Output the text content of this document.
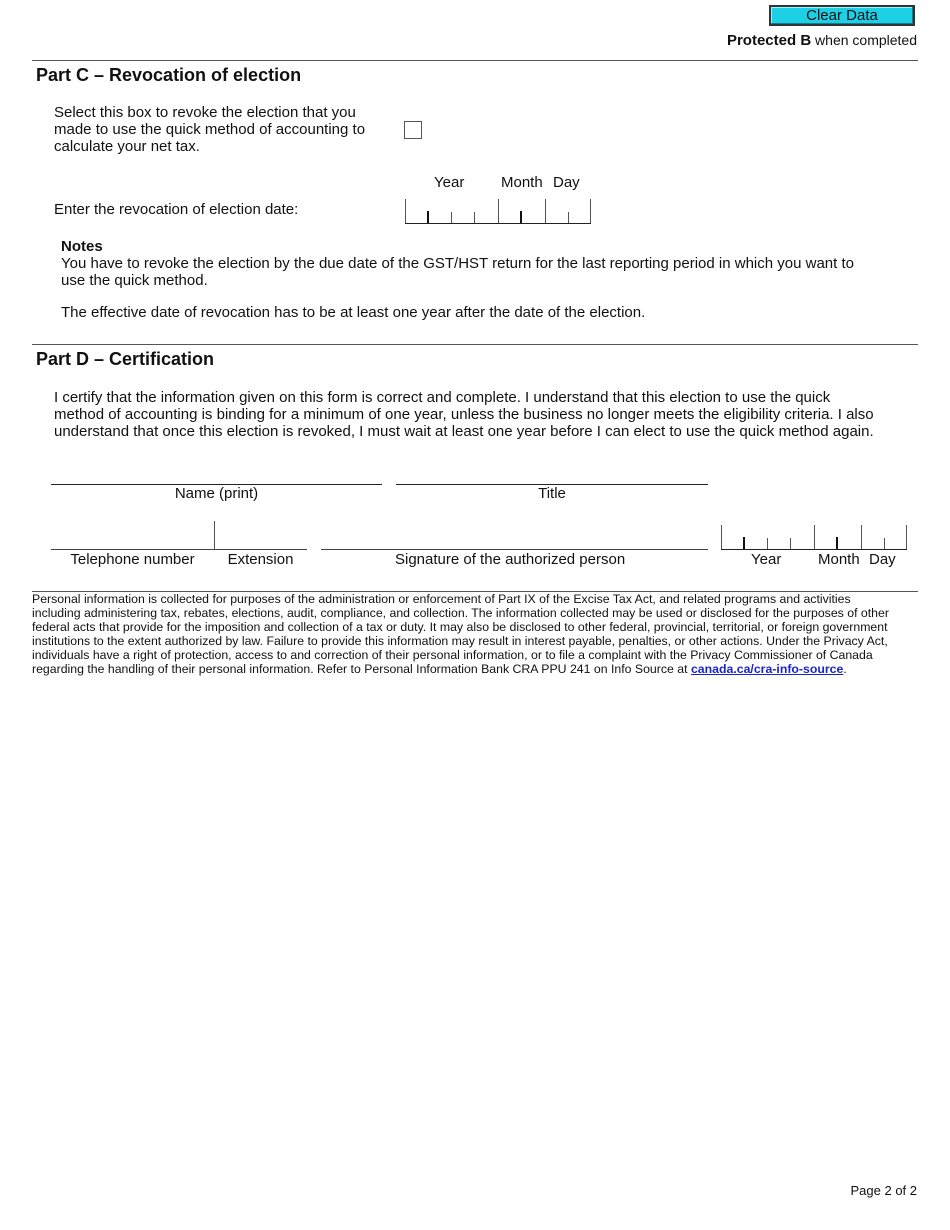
Clear Data
Protected B when completed
Part C – Revocation of election
Select this box to revoke the election that you
made to use the quick method of accounting to
calculate your net tax.
Year Month Day
Enter the revocation of election date:
Notes
You have to revoke the election by the due date of the GST/HST return for the last reporting period in which you want to
use the quick method.
The effective date of revocation has to be at least one year after the date of the election.
Part D – Certification
I certify that the information given on this form is correct and complete. I understand that this election to use the quick
method of accounting is binding for a minimum of one year, unless the business no longer meets the eligibility criteria. I also
understand that once this election is revoked, I must wait at least one year before I can elect to use the quick method again.
Name (print)	Title
Telephone number	Extension	Signature of the authorized person	Year Month Day
Personal information is collected for purposes of the administration or enforcement of Part IX of the Excise Tax Act, and related programs and activities
including administering tax, rebates, elections, audit, compliance, and collection. The information collected may be used or disclosed for the purposes of other
federal acts that provide for the imposition and collection of a tax or duty. It may also be disclosed to other federal, provincial, territorial, or foreign government
institutions to the extent authorized by law. Failure to provide this information may result in interest payable, penalties, or other actions. Under the Privacy Act,
individuals have a right of protection, access to and correction of their personal information, or to file a complaint with the Privacy Commissioner of Canada
regarding the handling of their personal information. Refer to Personal Information Bank CRA PPU 241 on Info Source at canada.ca/cra-info-source.
Page 2 of 2
